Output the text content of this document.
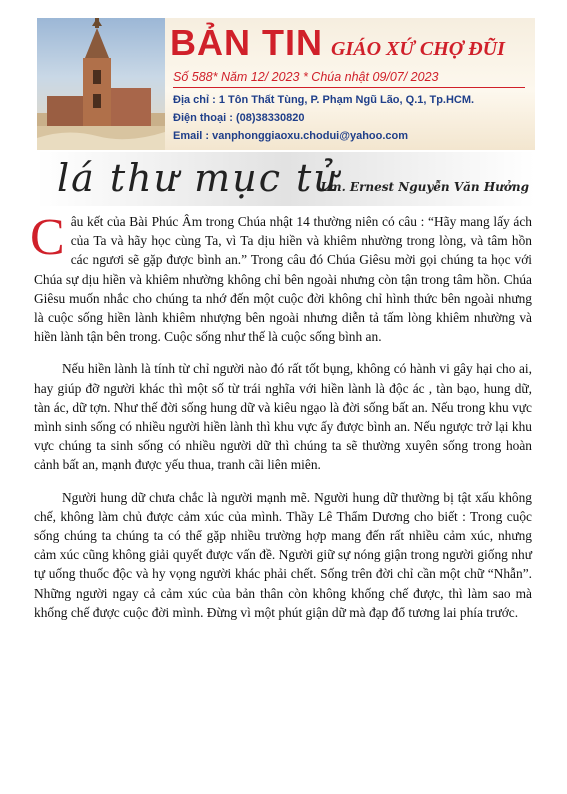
BẢN TIN GIÁO XỨ CHỢ ĐŨI
Số 588* Năm 12/ 2023 * Chúa nhật 09/07/ 2023
Địa chỉ : 1 Tôn Thất Tùng, P. Phạm Ngũ Lão, Q.1, Tp.HCM.
Điện thoại : (08)38330820
Email : vanphonggiaoxu.chodui@yahoo.com
lá thư mục tử
Lm. Ernest Nguyễn Văn Hưởng

Câu kết của Bài Phúc Âm trong Chúa nhật 14 thường niên có câu : “Hãy mang lấy ách của Ta và hãy học cùng Ta, vì Ta dịu hiền và khiêm nhường trong lòng, và tâm hồn các ngươi sẽ gặp được bình an.” Trong câu đó Chúa Giêsu mời gọi chúng ta học với Chúa sự dịu hiền và khiêm nhường không chỉ bên ngoài nhưng còn tận trong tâm hồn. Chúa Giêsu muốn nhắc cho chúng ta nhớ đến một cuộc đời không chỉ hình thức bên ngoài nhưng là cuộc sống hiền lành khiêm nhượng bên ngoài nhưng diễn tả tấm lòng khiêm nhường và hiền lành tận bên trong. Cuộc sống như thế là cuộc sống bình an.

Nếu hiền lành là tính từ chỉ người nào đó rất tốt bụng, không có hành vi gây hại cho ai, hay giúp đỡ người khác thì một số từ trái nghĩa với hiền lành là độc ác , tàn bạo, hung dữ, tàn ác, dữ tợn. Như thế đời sống hung dữ và kiêu ngạo là đời sống bất an. Nếu trong khu vực mình sinh sống có nhiều người hiền lành thì khu vực ấy được bình an. Nếu ngược trở lại khu vực chúng ta sinh sống có nhiều người dữ thì chúng ta sẽ thường xuyên sống trong hoàn cảnh bất an, mạnh được yếu thua, tranh cãi liên miên.

Người hung dữ chưa chắc là người mạnh mẽ. Người hung dữ thường bị tật xấu không chế, không làm chủ được cảm xúc của mình. Thầy Lê Thẩm Dương cho biết : Trong cuộc sống chúng ta chúng ta có thể gặp nhiều trường hợp mang đến rất nhiều cảm xúc, nhưng cảm xúc cũng không giải quyết được vấn đề. Người giữ sự nóng giận trong người giống như tự uống thuốc độc và hy vọng người khác phải chết. Sống trên đời chỉ cần một chữ “Nhẫn”. Những người ngay cả cảm xúc của bản thân còn không khống chế được, thì làm sao mà khống chế được cuộc đời mình. Đừng vì một phút giận dữ mà đạp đổ tương lai phía trước.
